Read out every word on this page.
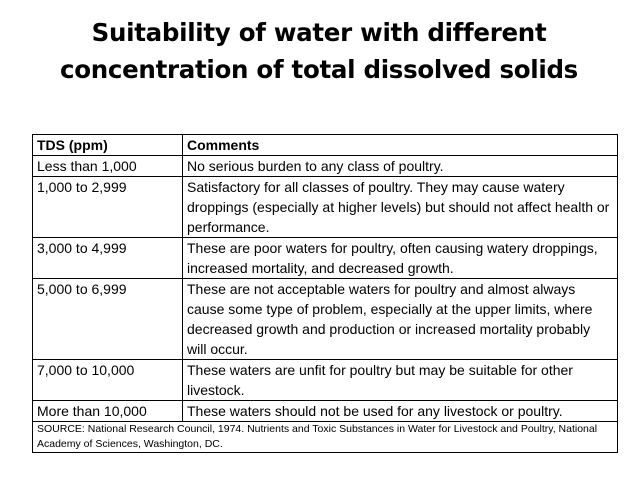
Suitability of water with different
concentration of total dissolved solids
TDS (ppm)	Comments
Less than 1,000	No serious burden to any class of poultry.
1,000 to 2,999	Satisfactory for all classes of poultry. They may cause watery droppings (especially at higher levels) but should not affect health or performance.
3,000 to 4,999	These are poor waters for poultry, often causing watery droppings, increased mortality, and decreased growth.
5,000 to 6,999	These are not acceptable waters for poultry and almost always cause some type of problem, especially at the upper limits, where decreased growth and production or increased mortality probably will occur.
7,000 to 10,000	These waters are unfit for poultry but may be suitable for other livestock.
More than 10,000	These waters should not be used for any livestock or poultry.
SOURCE: National Research Council, 1974. Nutrients and Toxic Substances in Water for Livestock and Poultry, National Academy of Sciences, Washington, DC.	
